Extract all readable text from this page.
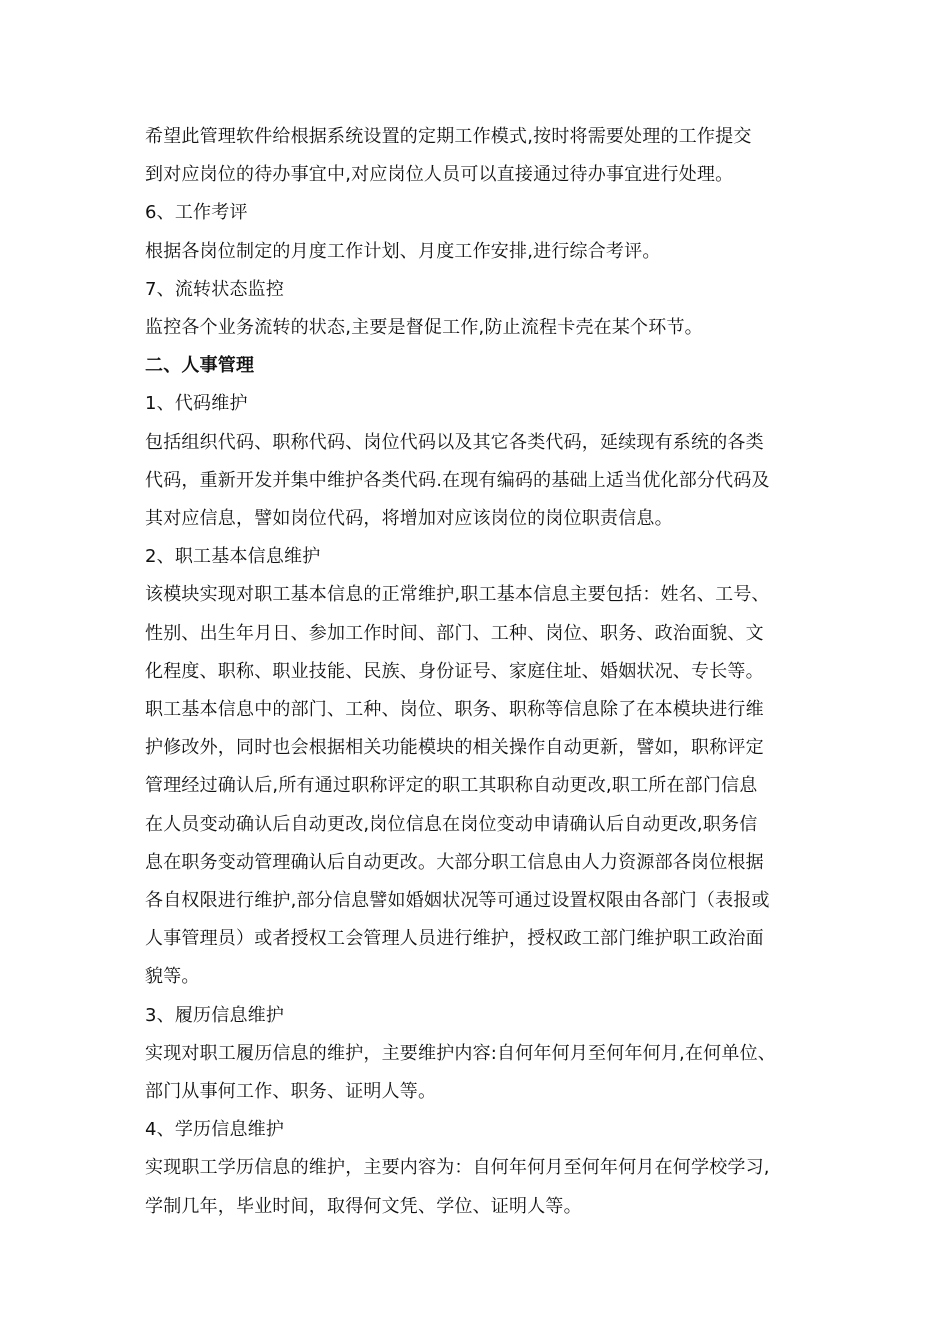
希望此管理软件给根据系统设置的定期工作模式,按时将需要处理的工作提交
到对应岗位的待办事宜中,对应岗位人员可以直接通过待办事宜进行处理。
6、工作考评
根据各岗位制定的月度工作计划、月度工作安排,进行综合考评。
7、流转状态监控
监控各个业务流转的状态,主要是督促工作,防止流程卡壳在某个环节。
二、人事管理
1、代码维护
包括组织代码、职称代码、岗位代码以及其它各类代码，延续现有系统的各类
代码，重新开发并集中维护各类代码.在现有编码的基础上适当优化部分代码及
其对应信息，譬如岗位代码，将增加对应该岗位的岗位职责信息。
2、职工基本信息维护
该模块实现对职工基本信息的正常维护,职工基本信息主要包括：姓名、工号、
性别、出生年月日、参加工作时间、部门、工种、岗位、职务、政治面貌、文
化程度、职称、职业技能、民族、身份证号、家庭住址、婚姻状况、专长等。
职工基本信息中的部门、工种、岗位、职务、职称等信息除了在本模块进行维
护修改外，同时也会根据相关功能模块的相关操作自动更新，譬如，职称评定
管理经过确认后,所有通过职称评定的职工其职称自动更改,职工所在部门信息
在人员变动确认后自动更改,岗位信息在岗位变动申请确认后自动更改,职务信
息在职务变动管理确认后自动更改。大部分职工信息由人力资源部各岗位根据
各自权限进行维护,部分信息譬如婚姻状况等可通过设置权限由各部门（表报或
人事管理员）或者授权工会管理人员进行维护，授权政工部门维护职工政治面
貌等。
3、履历信息维护
实现对职工履历信息的维护，主要维护内容:自何年何月至何年何月,在何单位、
部门从事何工作、职务、证明人等。
4、学历信息维护
实现职工学历信息的维护，主要内容为：自何年何月至何年何月在何学校学习,
学制几年，毕业时间，取得何文凭、学位、证明人等。
